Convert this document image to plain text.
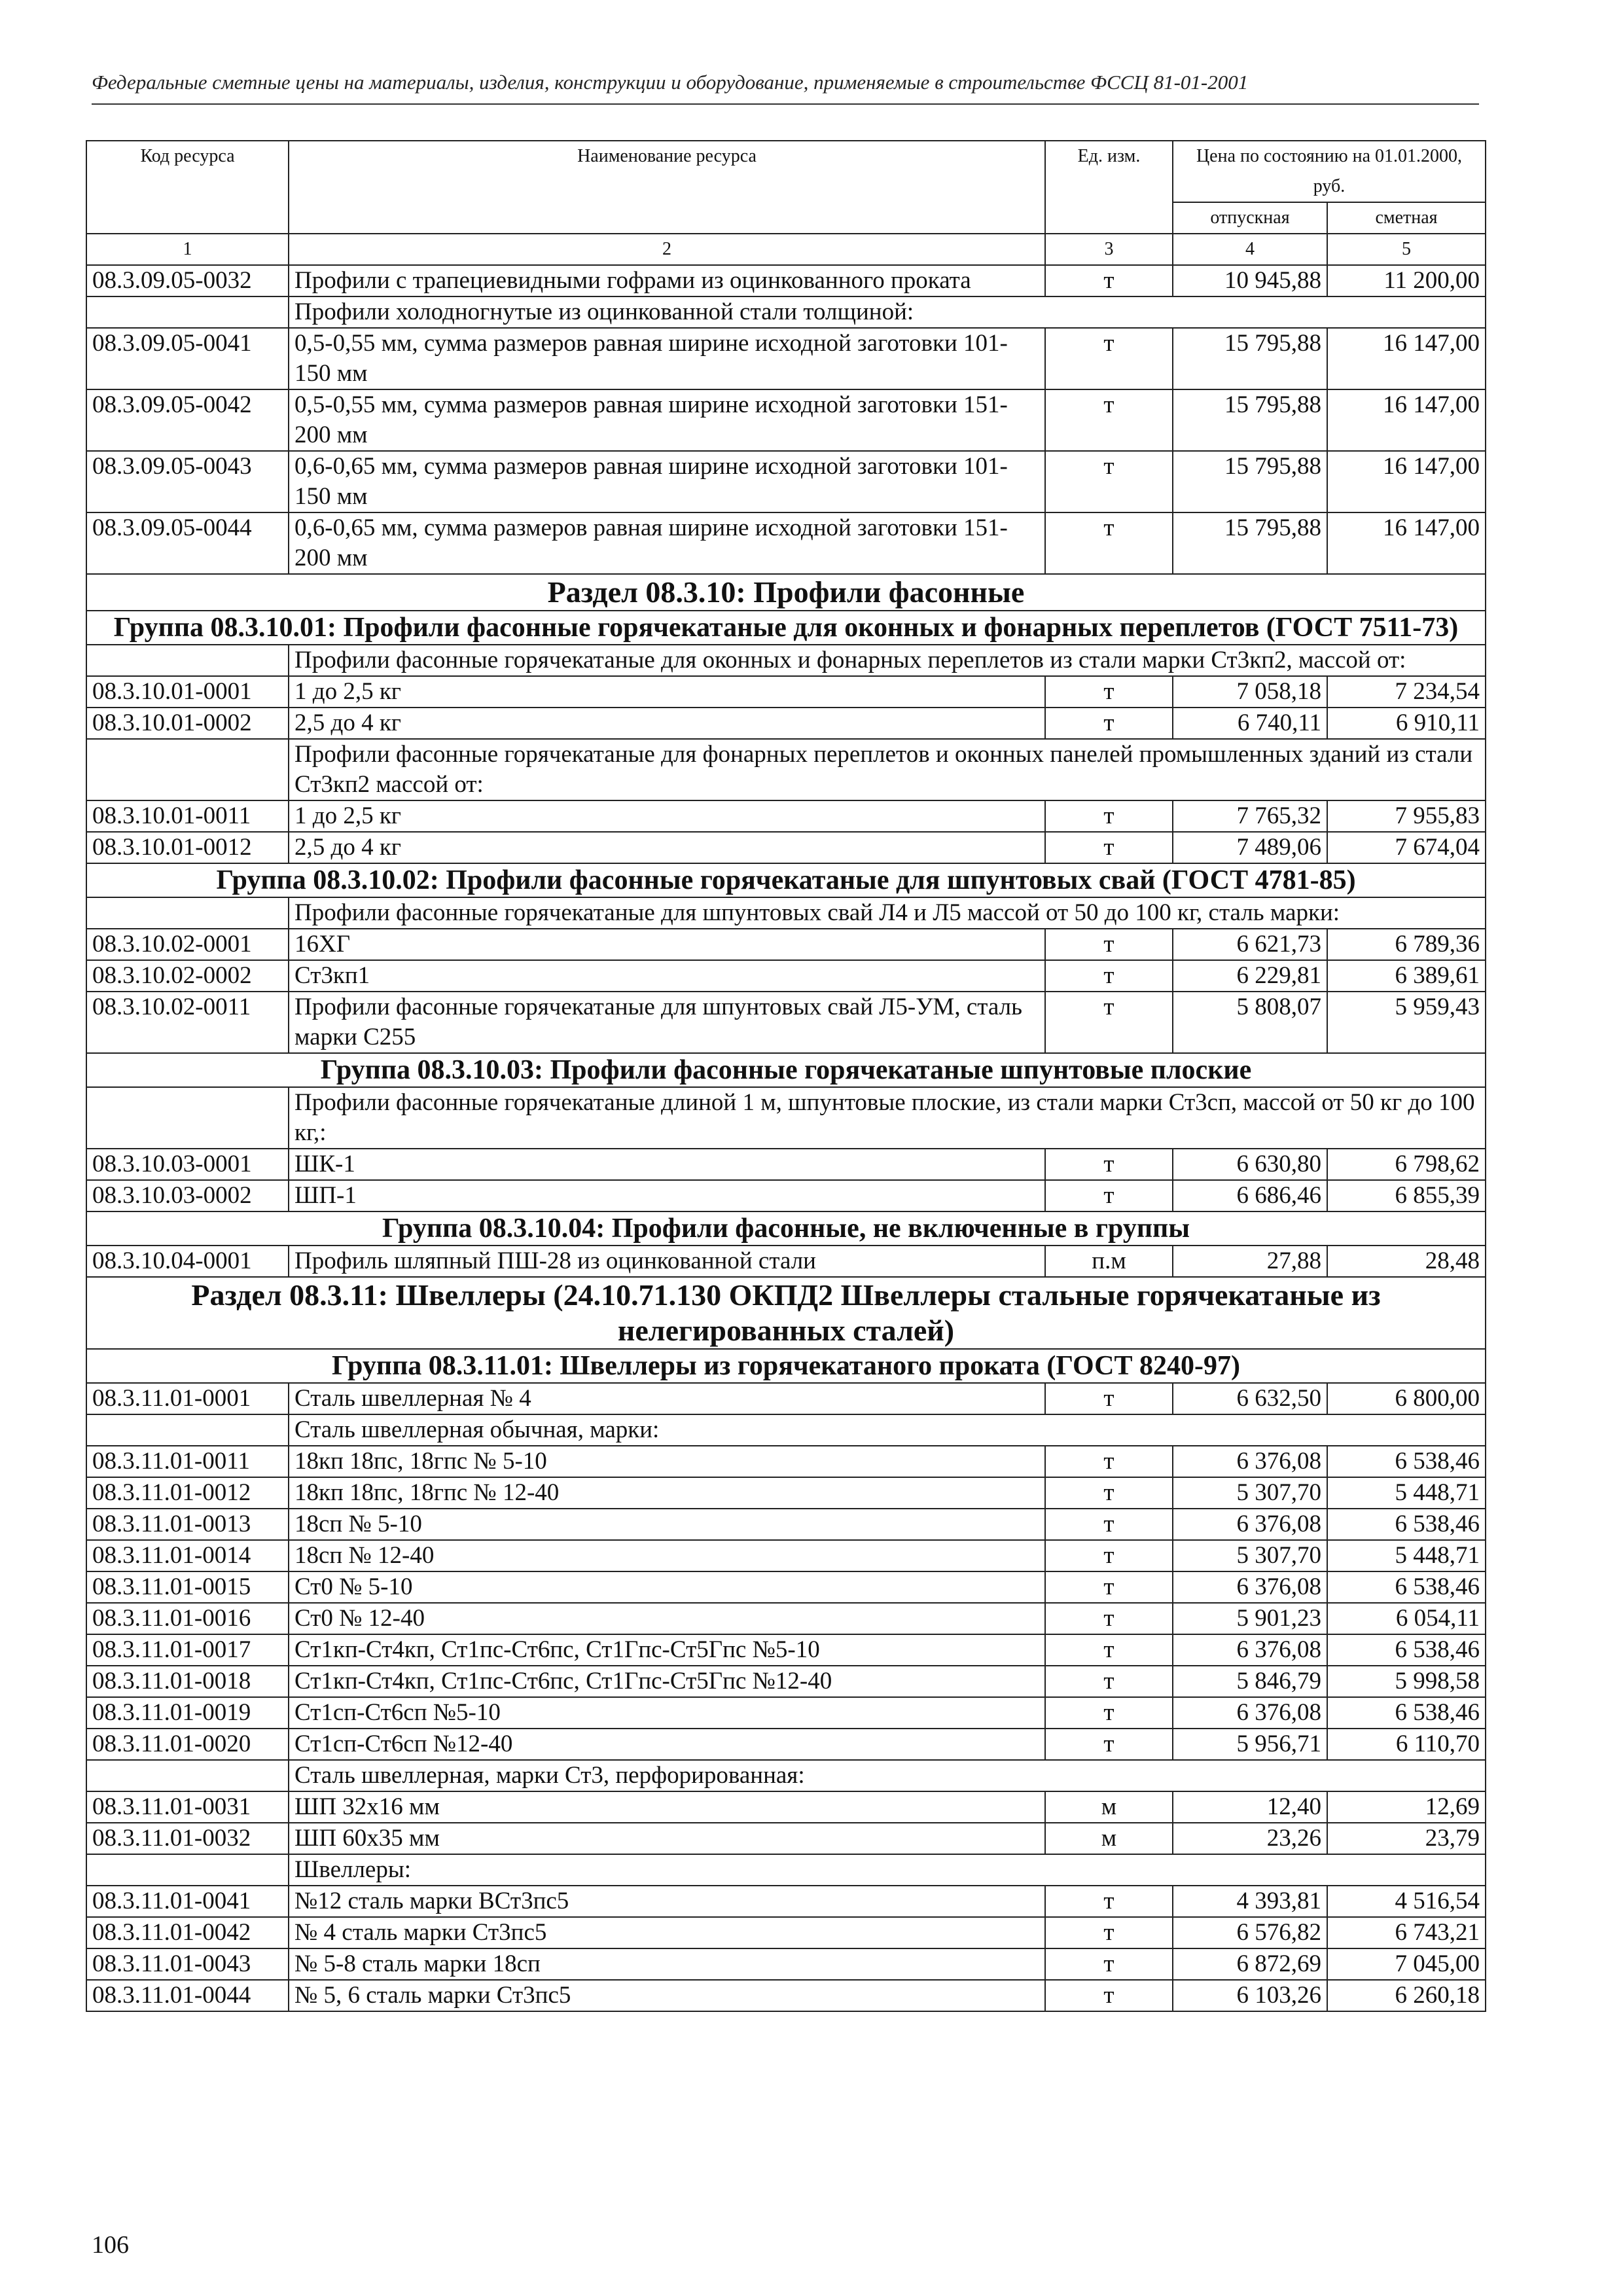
Федеральные сметные цены на материалы, изделия, конструкции и оборудование, применяемые в строительстве ФССЦ 81-01-2001
Код ресурса	Наименование ресурса	Ед. изм.	Цена по состоянию на 01.01.2000, руб.	
			отпускная	сметная
1	2	3	4	5
08.3.09.05-0032	Профили с трапециевидными гофрами из оцинкованного проката	т	10 945,88	11 200,00
	Профили холодногнутые из оцинкованной стали толщиной:			
08.3.09.05-0041	0,5-0,55 мм, сумма размеров равная ширине исходной заготовки 101-150 мм	т	15 795,88	16 147,00
08.3.09.05-0042	0,5-0,55 мм, сумма размеров равная ширине исходной заготовки 151-200 мм	т	15 795,88	16 147,00
08.3.09.05-0043	0,6-0,65 мм, сумма размеров равная ширине исходной заготовки 101-150 мм	т	15 795,88	16 147,00
08.3.09.05-0044	0,6-0,65 мм, сумма размеров равная ширине исходной заготовки 151-200 мм	т	15 795,88	16 147,00
Раздел 08.3.10: Профили фасонные				
Группа 08.3.10.01: Профили фасонные горячекатаные для оконных и фонарных переплетов (ГОСТ 7511-73)				
	Профили фасонные горячекатаные для оконных и фонарных переплетов из стали марки Ст3кп2, массой от:			
08.3.10.01-0001	1 до 2,5 кг	т	7 058,18	7 234,54
08.3.10.01-0002	2,5 до 4 кг	т	6 740,11	6 910,11
	Профили фасонные горячекатаные для фонарных переплетов и оконных панелей промышленных зданий из стали Ст3кп2 массой от:			
08.3.10.01-0011	1 до 2,5 кг	т	7 765,32	7 955,83
08.3.10.01-0012	2,5 до 4 кг	т	7 489,06	7 674,04
Группа 08.3.10.02: Профили фасонные горячекатаные для шпунтовых свай (ГОСТ 4781-85)				
	Профили фасонные горячекатаные для шпунтовых свай Л4 и Л5 массой от 50 до 100 кг, сталь марки:			
08.3.10.02-0001	16ХГ	т	6 621,73	6 789,36
08.3.10.02-0002	Ст3кп1	т	6 229,81	6 389,61
08.3.10.02-0011	Профили фасонные горячекатаные для шпунтовых свай Л5-УМ, сталь марки С255	т	5 808,07	5 959,43
Группа 08.3.10.03: Профили фасонные горячекатаные шпунтовые плоские				
	Профили фасонные горячекатаные длиной 1 м, шпунтовые плоские, из стали марки Ст3сп, массой от 50 кг до 100 кг,:			
08.3.10.03-0001	ШК-1	т	6 630,80	6 798,62
08.3.10.03-0002	ШП-1	т	6 686,46	6 855,39
Группа 08.3.10.04: Профили фасонные, не включенные в группы				
08.3.10.04-0001	Профиль шляпный ПШ-28 из оцинкованной стали	п.м	27,88	28,48
Раздел 08.3.11: Швеллеры (24.10.71.130 ОКПД2 Швеллеры стальные горячекатаные из нелегированных сталей)				
Группа 08.3.11.01: Швеллеры из горячекатаного проката (ГОСТ 8240-97)				
08.3.11.01-0001	Сталь швеллерная № 4	т	6 632,50	6 800,00
	Сталь швеллерная обычная, марки:			
08.3.11.01-0011	18кп 18пс, 18гпс № 5-10	т	6 376,08	6 538,46
08.3.11.01-0012	18кп 18пс, 18гпс № 12-40	т	5 307,70	5 448,71
08.3.11.01-0013	18сп № 5-10	т	6 376,08	6 538,46
08.3.11.01-0014	18сп № 12-40	т	5 307,70	5 448,71
08.3.11.01-0015	Ст0 № 5-10	т	6 376,08	6 538,46
08.3.11.01-0016	Ст0 № 12-40	т	5 901,23	6 054,11
08.3.11.01-0017	Ст1кп-Ст4кп, Ст1пс-Ст6пс, Ст1Гпс-Ст5Гпс №5-10	т	6 376,08	6 538,46
08.3.11.01-0018	Ст1кп-Ст4кп, Ст1пс-Ст6пс, Ст1Гпс-Ст5Гпс №12-40	т	5 846,79	5 998,58
08.3.11.01-0019	Ст1сп-Ст6сп №5-10	т	6 376,08	6 538,46
08.3.11.01-0020	Ст1сп-Ст6сп №12-40	т	5 956,71	6 110,70
	Сталь швеллерная, марки Ст3, перфорированная:			
08.3.11.01-0031	ШП 32х16 мм	м	12,40	12,69
08.3.11.01-0032	ШП 60х35 мм	м	23,26	23,79
	Швеллеры:			
08.3.11.01-0041	№12 сталь марки ВСт3пс5	т	4 393,81	4 516,54
08.3.11.01-0042	№ 4 сталь марки Ст3пс5	т	6 576,82	6 743,21
08.3.11.01-0043	№ 5-8 сталь марки 18сп	т	6 872,69	7 045,00
08.3.11.01-0044	№ 5, 6 сталь марки Ст3пс5	т	6 103,26	6 260,18
106
